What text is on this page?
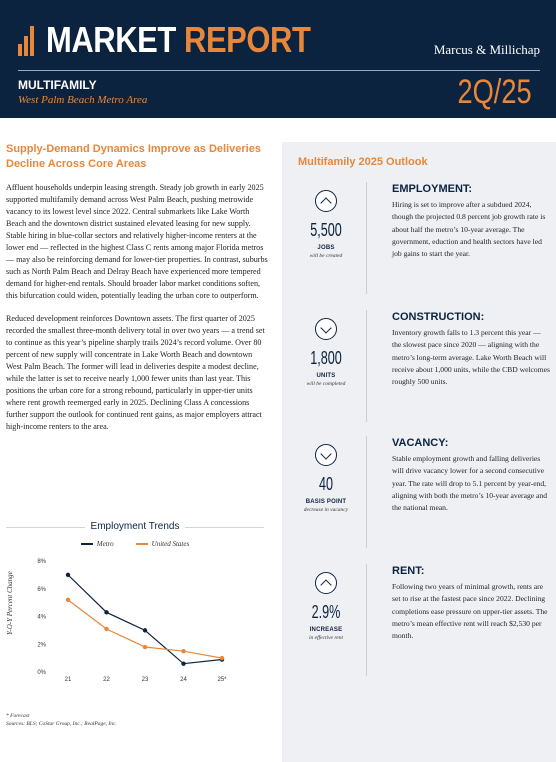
MARKET REPORT	Marcus & Millichap
MULTIFAMILY
West Palm Beach Metro Area	2Q/25
Supply-Demand Dynamics Improve as Deliveries Decline Across Core Areas

Affluent households underpin leasing strength. Steady job growth in early 2025 supported multifamily demand across West Palm Beach, pushing metrowide vacancy to its lowest level since 2022. Central submarkets like Lake Worth Beach and the downtown district sustained elevated leasing for new supply. Stable hiring in blue-collar sectors and relatively higher-income renters at the lower end — reflected in the highest Class C rents among major Florida metros — may also be reinforcing demand for lower-tier properties. In contrast, suburbs such as North Palm Beach and Delray Beach have experienced more tempered demand for higher-end rentals. Should broader labor market conditions soften, this bifurcation could widen, potentially leading the urban core to outperform.

Reduced development reinforces Downtown assets. The first quarter of 2025 recorded the smallest three-month delivery total in over two years — a trend set to continue as this year’s pipeline sharply trails 2024’s record volume. Over 80 percent of new supply will concentrate in Lake Worth Beach and downtown West Palm Beach. The former will lead in deliveries despite a modest decline, while the latter is set to receive nearly 1,000 fewer units than last year. This positions the urban core for a strong rebound, particularly in upper-tier units where rent growth reemerged early in 2025. Declining Class A concessions further support the outlook for continued rent gains, as major employers attract high-income renters to the area.

Employment Trends
Metro	United States
Y-O-Y Percent Change
0%
2%
4%
6%
8%
21	22	23	24	25*
* Forecast
Sources: BLS; CoStar Group, Inc.; RealPage, Inc.
Multifamily 2025 Outlook
5,500
JOBS
will be created
EMPLOYMENT:

Hiring is set to improve after a subdued 2024, though the projected 0.8 percent job growth rate is about half the metro’s 10-year average. The government, eduction and health sectors have led job gains to start the year.

1,800
UNITS
will be completed
CONSTRUCTION:

Inventory growth falls to 1.3 percent this year — the slowest pace since 2020 — aligning with the metro’s long-term average. Lake Worth Beach will receive about 1,000 units, while the CBD welcomes roughly 500 units.

40
BASIS POINT
decrease in vacancy
VACANCY:

Stable employment growth and falling deliveries will drive vacancy lower for a second consecutive year. The rate will drop to 5.1 percent by year-end, aligning with both the metro’s 10-year average and the national mean.

2.9%
INCREASE
in effective rent
RENT:

Following two years of minimal growth, rents are set to rise at the fastest pace since 2022. Declining completions ease pressure on upper-tier assets. The metro’s mean effective rent will reach $2,530 per month.
